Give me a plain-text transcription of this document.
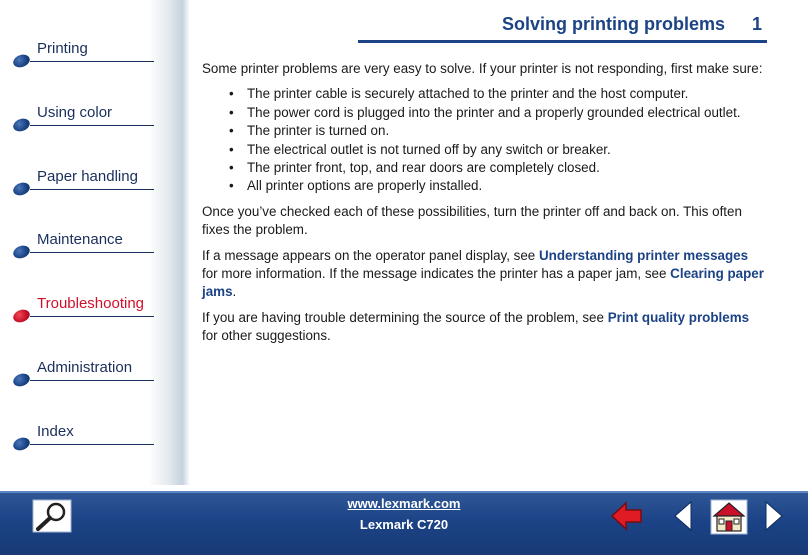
Printing
Using color
Paper handling
Maintenance
Troubleshooting
Administration
Index
Solving printing problems 1

Some printer problems are very easy to solve. If your printer is not responding, first make sure:

• The printer cable is securely attached to the printer and the host computer.
• The power cord is plugged into the printer and a properly grounded electrical outlet.
• The printer is turned on.
• The electrical outlet is not turned off by any switch or breaker.
• The printer front, top, and rear doors are completely closed.
• All printer options are properly installed.

Once you’ve checked each of these possibilities, turn the printer off and back on. This often fixes the problem.

If a message appears on the operator panel display, see Understanding printer messages for more information. If the message indicates the printer has a paper jam, see Clearing paper jams.

If you are having trouble determining the source of the problem, see Print quality problems for other suggestions.

www.lexmark.com
Lexmark C720
